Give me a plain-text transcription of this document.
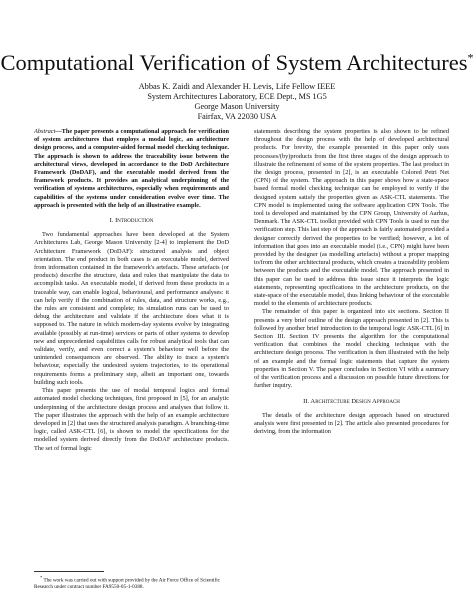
Computational Verification of System Architectures*
Abbas K. Zaidi and Alexander H. Levis, Life Fellow IEEE
System Architectures Laboratory, ECE Dept., MS 1G5
George Mason University
Fairfax, VA 22030 USA

Abstract—The paper presents a computational approach for verification of system architectures that employs a modal logic, an architecture design process, and a computer-aided formal model checking technique. The approach is shown to address the traceability issue between the architectural views, developed in accordance to the DoD Architecture Framework (DoDAF), and the executable model derived from the framework products. It provides an analytical underpinning of the verification of systems architectures, especially when requirements and capabilities of the systems under consideration evolve over time. The approach is presented with the help of an illustrative example.

I. Introduction

Two fundamental approaches have been developed at the System Architectures Lab, George Mason University [2-4] to implement the DoD Architecture Framework (DoDAF): structured analysis and object orientation. The end product in both cases is an executable model, derived from information contained in the framework's artefacts. These artefacts (or products) describe the structure, data and rules that manipulate the data to accomplish tasks. An executable model, if derived from these products in a traceable way, can enable logical, behavioural, and performance analyses: it can help verify if the combination of rules, data, and structure works, e.g., the rules are consistent and complete; its simulation runs can be used to debug the architecture and validate if the architecture does what it is supposed to. The nature in which modern-day systems evolve by integrating available (possibly at run-time) services or parts of other systems to develop new and unprecedented capabilities calls for robust analytical tools that can validate, verify, and even correct a system's behaviour well before the unintended consequences are observed. The ability to trace a system's behaviour, especially the undesired system trajectories, to its operational requirements forms a preliminary step, albeit an important one, towards building such tools.

This paper presents the use of modal temporal logics and formal automated model checking techniques, first proposed in [5], for an analytic underpinning of the architecture design process and analyses that follow it. The paper illustrates the approach with the help of an example architecture developed in [2] that uses the structured analysis paradigm. A branching-time logic, called ASK-CTL [6], is shown to model the specifications for the modelled system derived directly from the DoDAF architecture products. The set of formal logic

statements describing the system properties is also shown to be refined throughout the design process with the help of developed architectural products. For brevity, the example presented in this paper only uses processes/(by)products from the first three stages of the design approach to illustrate the refinement of some of the system properties. The last product in the design process, presented in [2], is an executable Colored Petri Net (CPN) of the system. The approach in this paper shows how a state-space based formal model checking technique can be employed to verify if the designed system satisfy the properties given as ASK-CTL statements. The CPN model is implemented using the software application CPN Tools. The tool is developed and maintained by the CPN Group, University of Aarhus, Denmark. The ASK-CTL toolkit provided with CPN Tools is used to run the verification step. This last step of the approach is fairly automated provided a designer correctly derived the properties to be verified; however, a lot of information that goes into an executable model (i.e., CPN) might have been provided by the designer (as modelling artefacts) without a proper mapping to/from the other architectural products, which creates a traceability problem between the products and the executable model. The approach presented in this paper can be used to address this issue since it interprets the logic statements, representing specifications in the architecture products, on the state-space of the executable model, thus linking behaviour of the executable model to the elements of architecture products.

The remainder of this paper is organized into six sections. Section II presents a very brief outline of the design approach presented in [2]. This is followed by another brief introduction to the temporal logic ASK-CTL [6] in Section III. Section IV presents the algorithm for the computational verification that combines the model checking technique with the architecture design process. The verification is then illustrated with the help of an example and the formal logic statements that capture the system properties in Section V. The paper concludes in Section VI with a summary of the verification process and a discussion on possible future directions for further inquiry.

II. Architecture Design Approach

The details of the architecture design approach based on structured analysis were first presented in [2]. The article also presented procedures for deriving, from the information

* The work was carried out with support provided by the Air Force Office of Scientific Research under contract number FA9550-05-1-0388.
